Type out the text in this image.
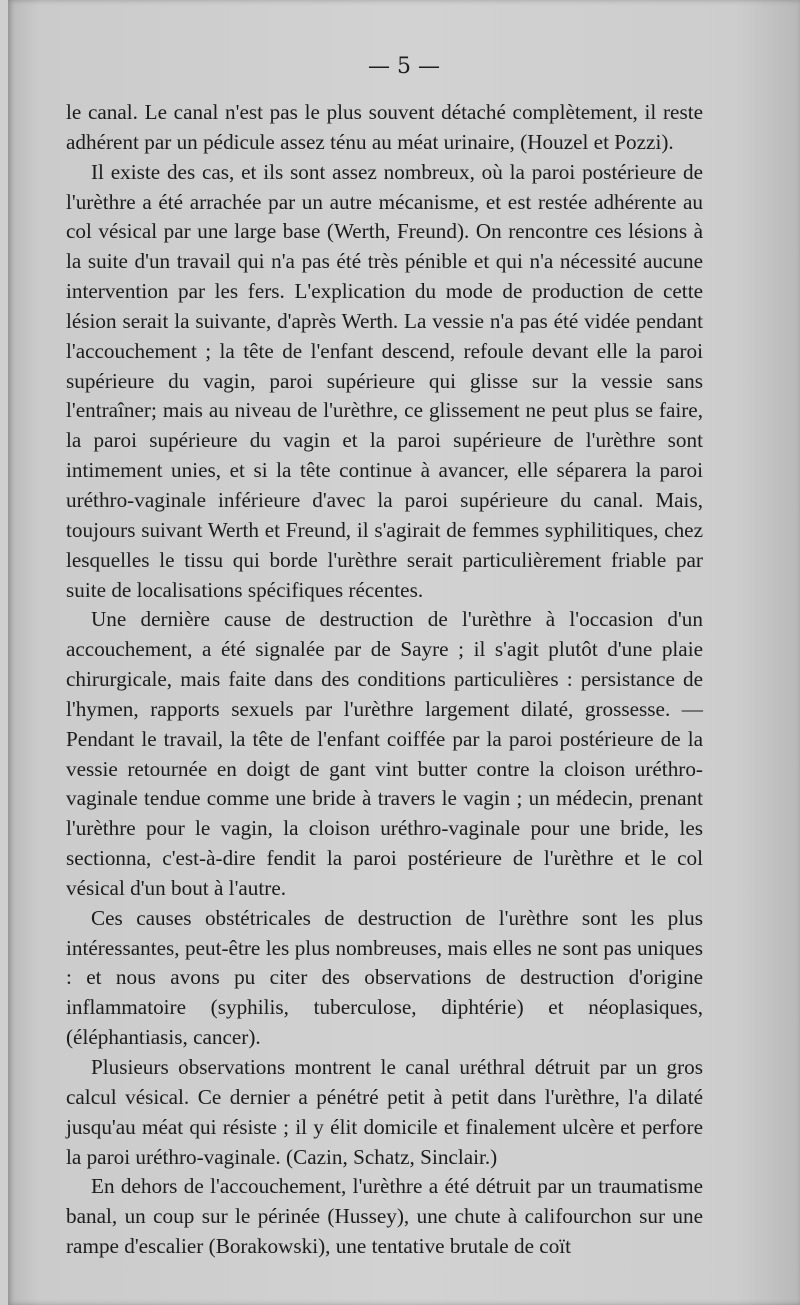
— 5 —

le canal. Le canal n'est pas le plus souvent détaché complètement, il reste adhérent par un pédicule assez ténu au méat urinaire, (Houzel et Pozzi).

Il existe des cas, et ils sont assez nombreux, où la paroi postérieure de l'urèthre a été arrachée par un autre mécanisme, et est restée adhérente au col vésical par une large base (Werth, Freund). On rencontre ces lésions à la suite d'un travail qui n'a pas été très pénible et qui n'a nécessité aucune intervention par les fers. L'explication du mode de production de cette lésion serait la suivante, d'après Werth. La vessie n'a pas été vidée pendant l'accouchement ; la tête de l'enfant descend, refoule devant elle la paroi supérieure du vagin, paroi supérieure qui glisse sur la vessie sans l'entraîner; mais au niveau de l'urèthre, ce glissement ne peut plus se faire, la paroi supérieure du vagin et la paroi supérieure de l'urèthre sont intimement unies, et si la tête continue à avancer, elle séparera la paroi uréthro-vaginale inférieure d'avec la paroi supérieure du canal. Mais, toujours suivant Werth et Freund, il s'agirait de femmes syphilitiques, chez lesquelles le tissu qui borde l'urèthre serait particulièrement friable par suite de localisations spécifiques récentes.

Une dernière cause de destruction de l'urèthre à l'occasion d'un accouchement, a été signalée par de Sayre ; il s'agit plutôt d'une plaie chirurgicale, mais faite dans des conditions particulières : persistance de l'hymen, rapports sexuels par l'urèthre largement dilaté, grossesse. — Pendant le travail, la tête de l'enfant coiffée par la paroi postérieure de la vessie retournée en doigt de gant vint butter contre la cloison uréthro-vaginale tendue comme une bride à travers le vagin ; un médecin, prenant l'urèthre pour le vagin, la cloison uréthro-vaginale pour une bride, les sectionna, c'est-à-dire fendit la paroi postérieure de l'urèthre et le col vésical d'un bout à l'autre.

Ces causes obstétricales de destruction de l'urèthre sont les plus intéressantes, peut-être les plus nombreuses, mais elles ne sont pas uniques : et nous avons pu citer des observations de destruction d'origine inflammatoire (syphilis, tuberculose, diphtérie) et néoplasiques, (éléphantiasis, cancer).

Plusieurs observations montrent le canal uréthral détruit par un gros calcul vésical. Ce dernier a pénétré petit à petit dans l'urèthre, l'a dilaté jusqu'au méat qui résiste ; il y élit domicile et finalement ulcère et perfore la paroi uréthro-vaginale. (Cazin, Schatz, Sinclair.)

En dehors de l'accouchement, l'urèthre a été détruit par un traumatisme banal, un coup sur le périnée (Hussey), une chute à califourchon sur une rampe d'escalier (Borakowski), une tentative brutale de coït
